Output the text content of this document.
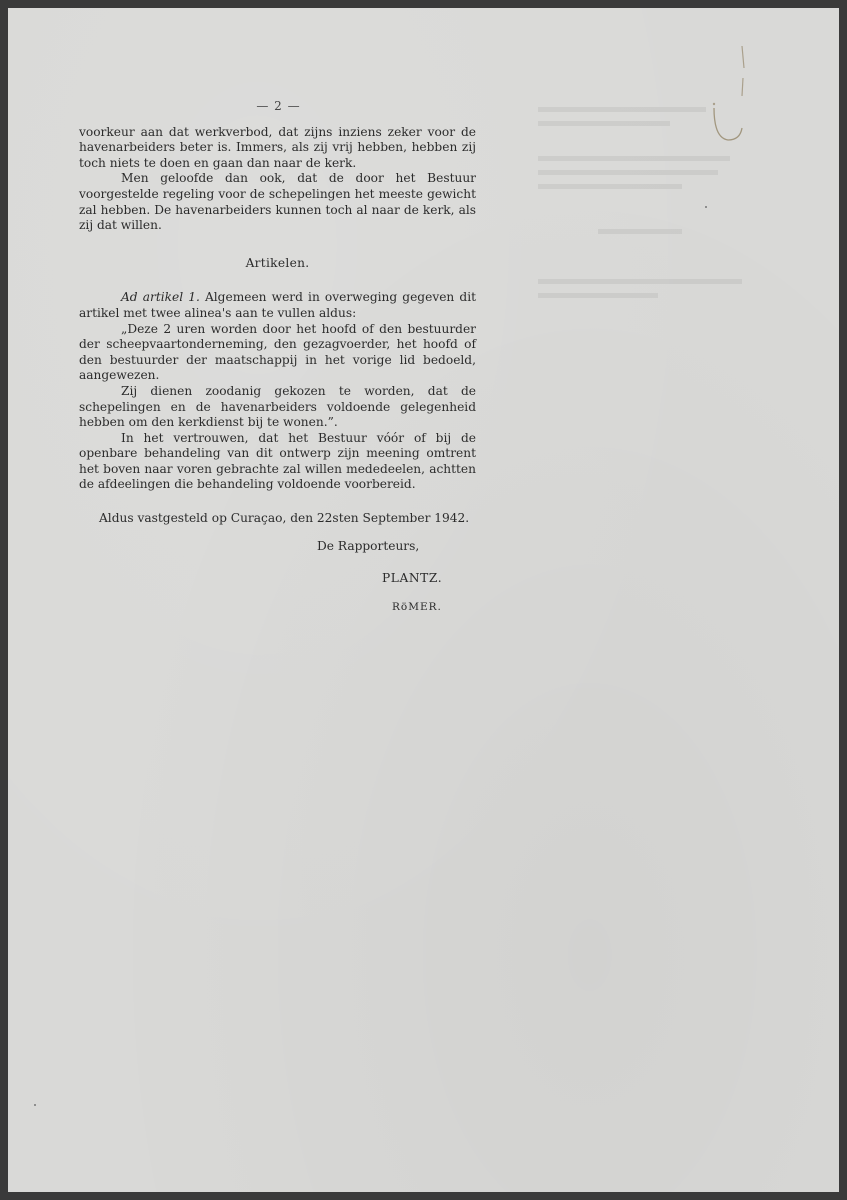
— 2 —

voorkeur aan dat werkverbod, dat zijns inziens zeker voor de havenarbeiders beter is. Immers, als zij vrij hebben, hebben zij toch niets te doen en gaan dan naar de kerk.

Men geloofde dan ook, dat de door het Bestuur voorgestelde regeling voor de schepelingen het meeste gewicht zal hebben. De havenarbeiders kunnen toch al naar de kerk, als zij dat willen.

Artikelen.

Ad artikel 1. Algemeen werd in overweging gegeven dit artikel met twee alinea's aan te vullen aldus:

„Deze 2 uren worden door het hoofd of den bestuurder der scheepvaartonderneming, den gezagvoerder, het hoofd of den bestuurder der maatschappij in het vorige lid bedoeld, aangewezen.

Zij dienen zoodanig gekozen te worden, dat de schepelingen en de havenarbeiders voldoende gelegenheid hebben om den kerkdienst bij te wonen.”.

In het vertrouwen, dat het Bestuur vóór of bij de openbare behandeling van dit ontwerp zijn meening omtrent het boven naar voren gebrachte zal willen mededeelen, achtten de afdeelingen die behandeling voldoende voorbereid.

Aldus vastgesteld op Curaçao, den 22sten September 1942.

De Rapporteurs,
PLANTZ.
RöMER.
